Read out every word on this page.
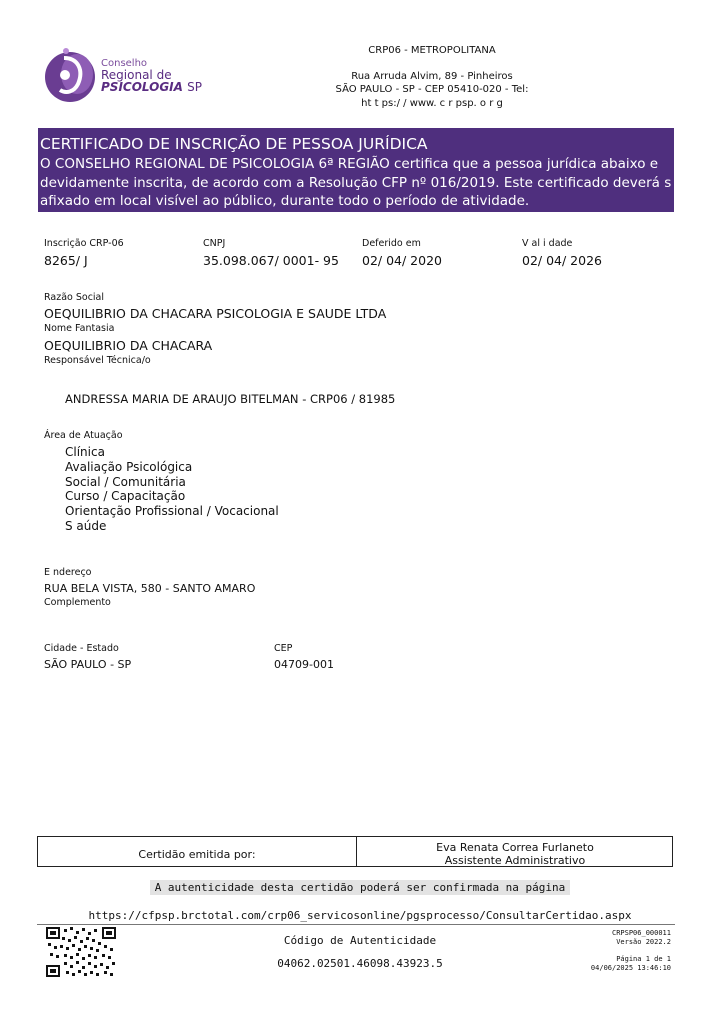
Conselho
Regional de
PSICOLOGIA SP
CRP06 - METROPOLITANA
Rua Arruda Alvim, 89 - Pinheiros
SÃO PAULO - SP - CEP 05410-020 - Tel:
ht t ps:/ / www. c r psp. o r g
CERTIFICADO DE INSCRIÇÃO DE PESSOA JURÍDICA
O CONSELHO REGIONAL DE PSICOLOGIA 6ª REGIÃO certifica que a pessoa jurídica abaixo e
devidamente inscrita, de acordo com a Resolução CFP nº 016/2019. Este certificado deverá s
afixado em local visível ao público, durante todo o período de atividade.
Inscrição CRP-06
8265/ J
CNPJ
35.098.067/ 0001- 95
Deferido em
02/ 04/ 2020
V al i dade
02/ 04/ 2026
Razão Social
OEQUILIBRIO DA CHACARA PSICOLOGIA E SAUDE LTDA
Nome Fantasia
OEQUILIBRIO DA CHACARA
Responsável Técnica/o
ANDRESSA MARIA DE ARAUJO BITELMAN - CRP06 / 81985
Área de Atuação
Clínica
Avaliação Psicológica
Social / Comunitária
Curso / Capacitação
Orientação Profissional / Vocacional
S aúde
E ndereço
RUA BELA VISTA, 580 - SANTO AMARO
Complemento
Cidade - Estado
SÃO PAULO - SP
CEP
04709-001
Certidão emitida por:
Eva Renata Correa Furlaneto
Assistente Administrativo
A autenticidade desta certidão poderá ser confirmada na página
https://cfpsp.brctotal.com/crp06_servicosonline/pgsprocesso/ConsultarCertidao.aspx
Código de Autenticidade
04062.02501.46098.43923.5
CRPSP06_000011
Versão 2022.2
Página 1 de 1
04/06/2025 13:46:10
